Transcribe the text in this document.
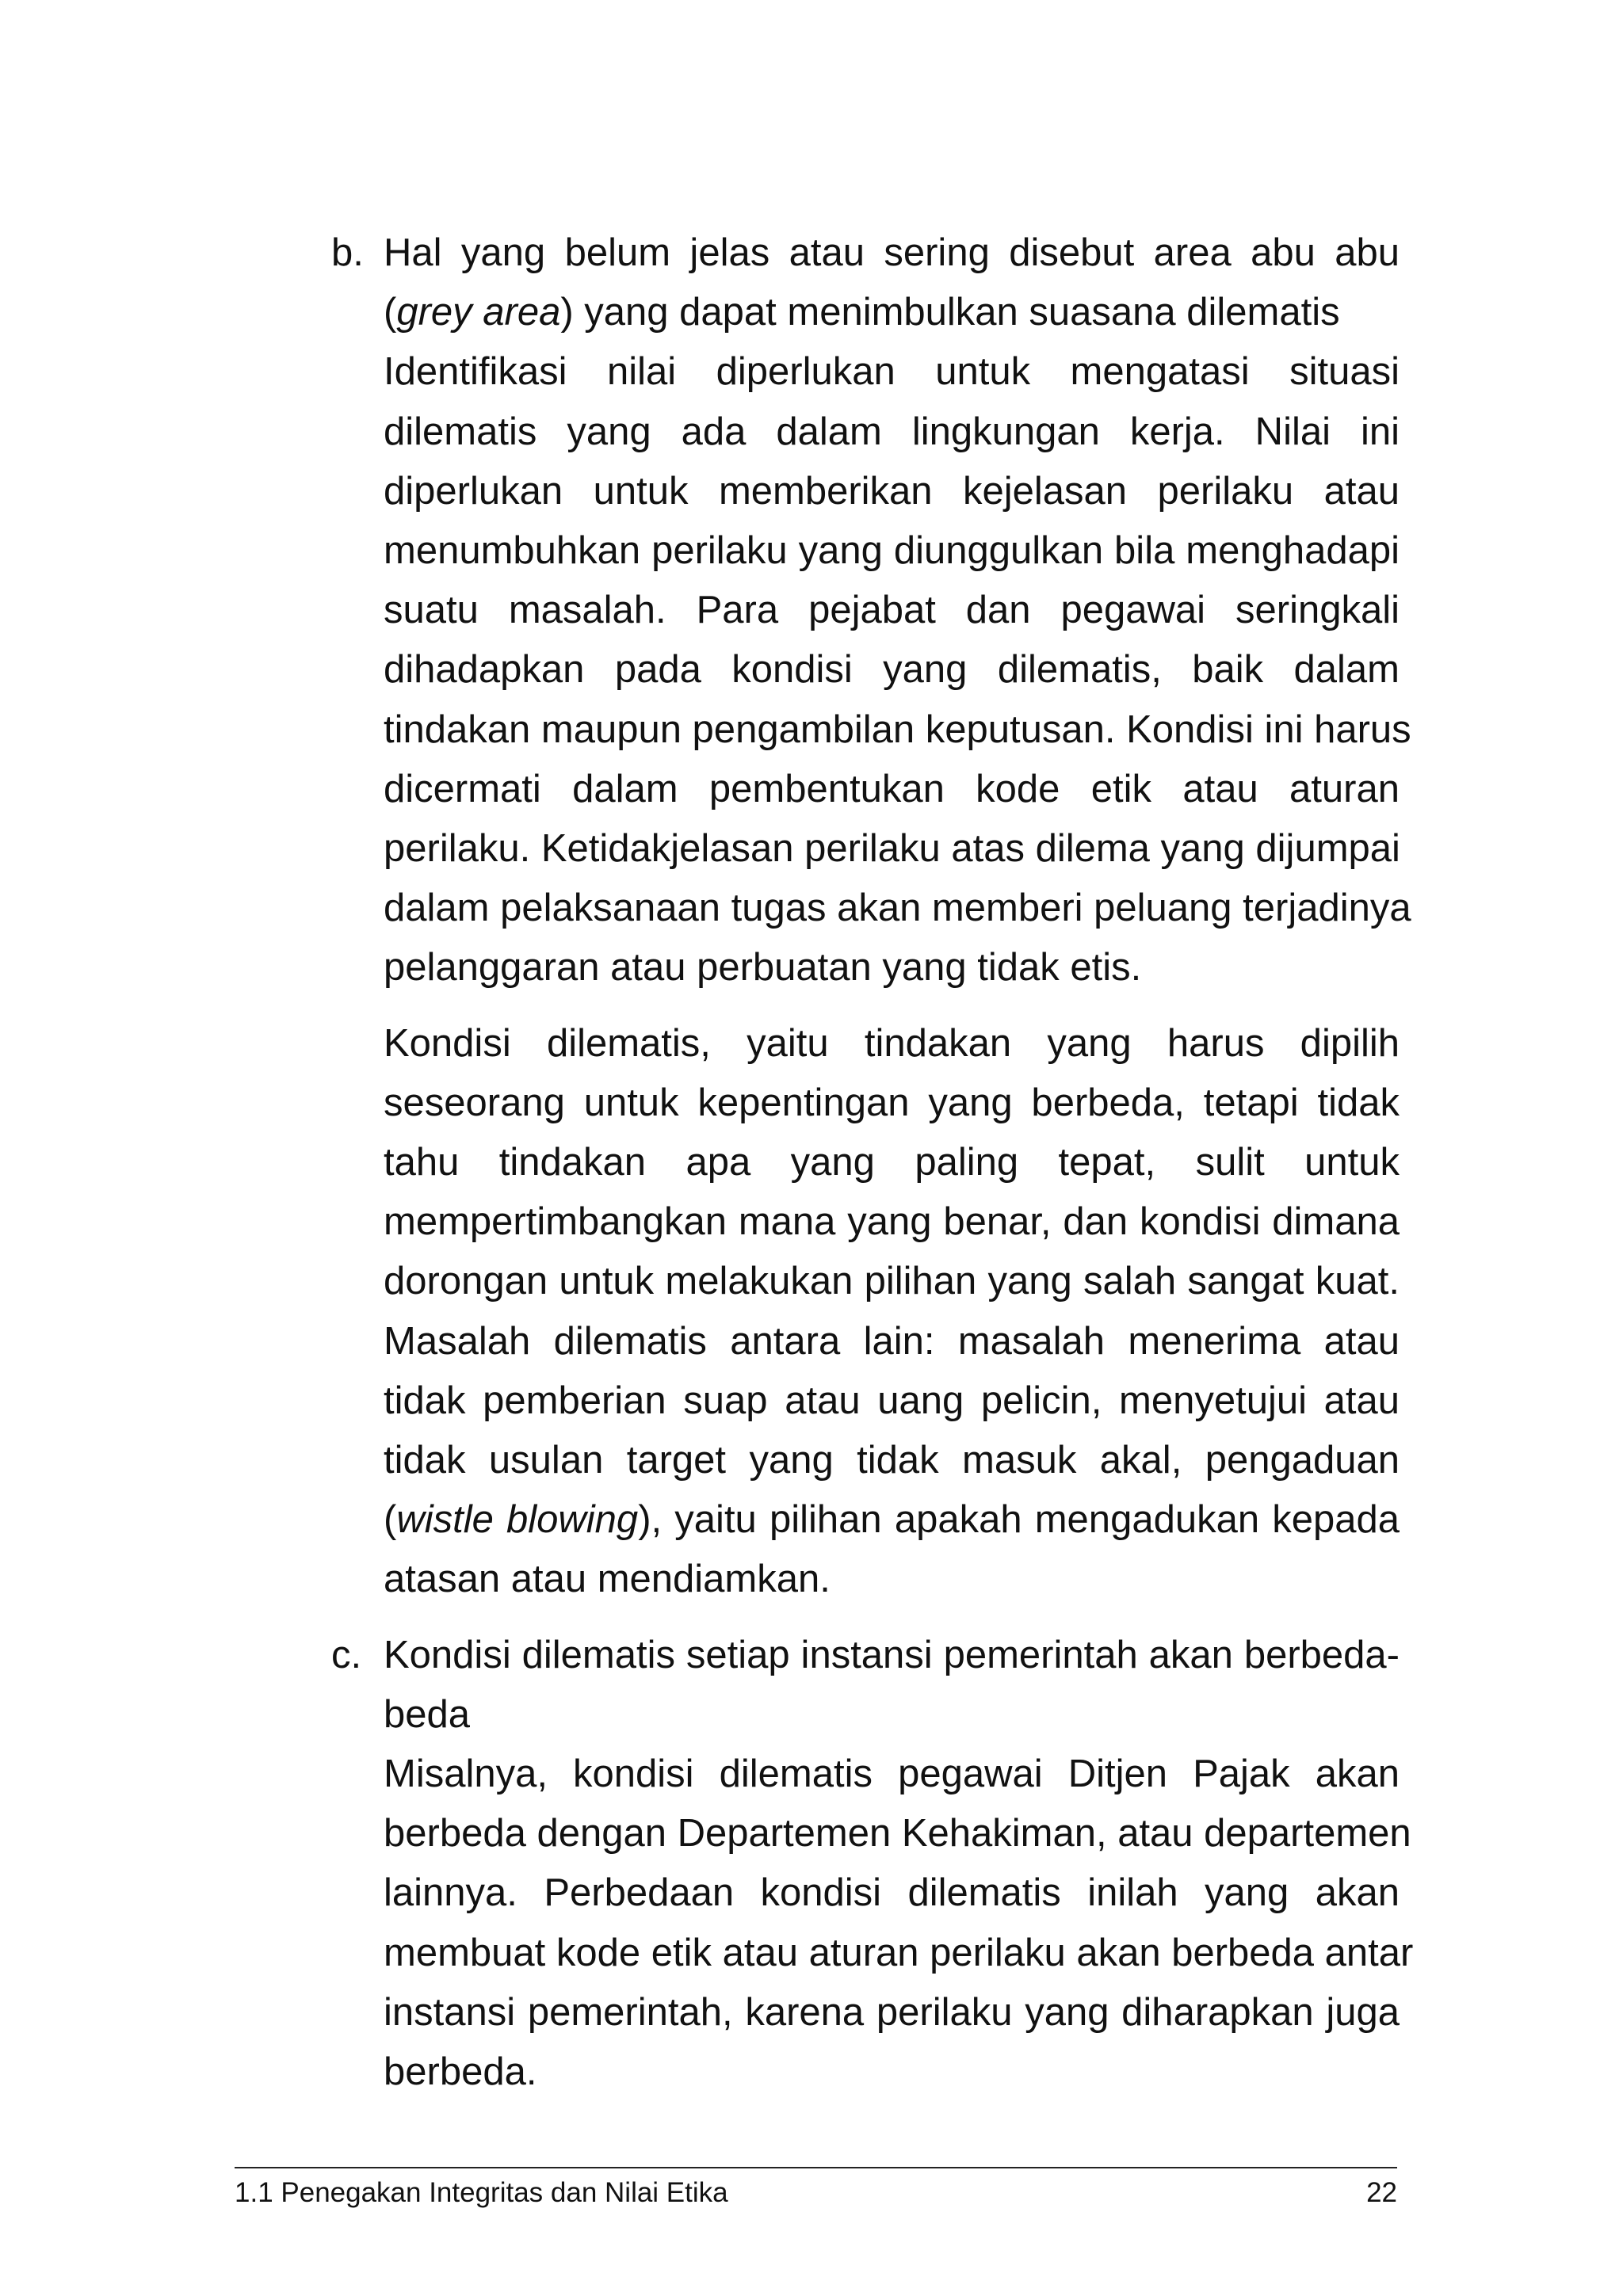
b. Hal yang belum jelas atau sering disebut area abu abu
(grey area) yang dapat menimbulkan suasana dilematis
Identifikasi nilai diperlukan untuk mengatasi situasi
dilematis yang ada dalam lingkungan kerja. Nilai ini
diperlukan untuk memberikan kejelasan perilaku atau
menumbuhkan perilaku yang diunggulkan bila menghadapi
suatu masalah. Para pejabat dan pegawai seringkali
dihadapkan pada kondisi yang dilematis, baik dalam
tindakan maupun pengambilan keputusan. Kondisi ini harus
dicermati dalam pembentukan kode etik atau aturan
perilaku. Ketidakjelasan perilaku atas dilema yang dijumpai
dalam pelaksanaan tugas akan memberi peluang terjadinya
pelanggaran atau perbuatan yang tidak etis.
Kondisi dilematis, yaitu tindakan yang harus dipilih
seseorang untuk kepentingan yang berbeda, tetapi tidak
tahu tindakan apa yang paling tepat, sulit untuk
mempertimbangkan mana yang benar, dan kondisi dimana
dorongan untuk melakukan pilihan yang salah sangat kuat.
Masalah dilematis antara lain: masalah menerima atau
tidak pemberian suap atau uang pelicin, menyetujui atau
tidak usulan target yang tidak masuk akal, pengaduan
(wistle blowing), yaitu pilihan apakah mengadukan kepada
atasan atau mendiamkan.
c. Kondisi dilematis setiap instansi pemerintah akan berbeda-
beda
Misalnya, kondisi dilematis pegawai Ditjen Pajak akan
berbeda dengan Departemen Kehakiman, atau departemen
lainnya. Perbedaan kondisi dilematis inilah yang akan
membuat kode etik atau aturan perilaku akan berbeda antar
instansi pemerintah, karena perilaku yang diharapkan juga
berbeda.
1.1 Penegakan Integritas dan Nilai Etika	22
